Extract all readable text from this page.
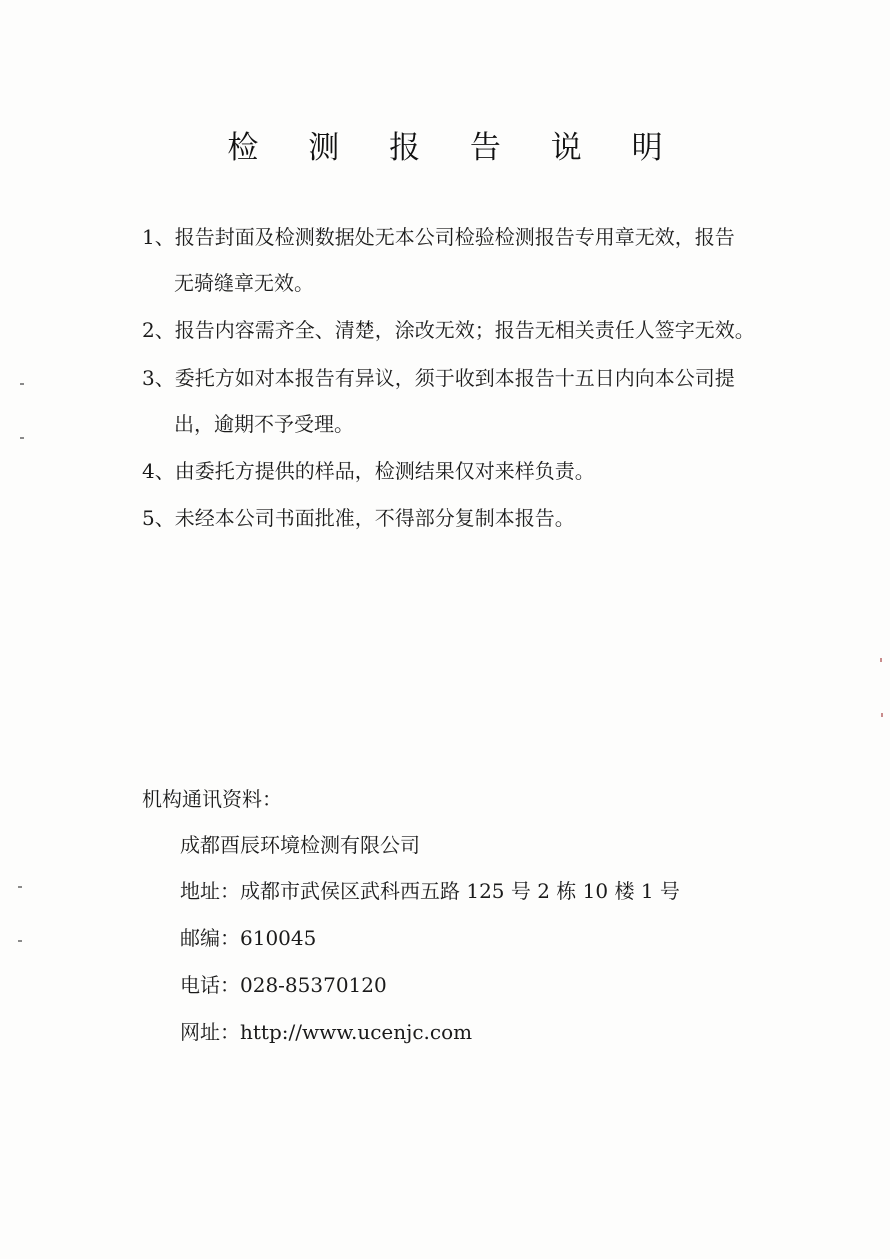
检 测 报 告 说 明
1、报告封面及检测数据处无本公司检验检测报告专用章无效，报告
无骑缝章无效。
2、报告内容需齐全、清楚，涂改无效；报告无相关责任人签字无效。
3、委托方如对本报告有异议，须于收到本报告十五日内向本公司提
出，逾期不予受理。
4、由委托方提供的样品，检测结果仅对来样负责。
5、未经本公司书面批准，不得部分复制本报告。
机构通讯资料：
成都酉辰环境检测有限公司
地址：成都市武侯区武科西五路 125 号 2 栋 10 楼 1 号
邮编：610045
电话：028-85370120
网址：http://www.ucenjc.com
